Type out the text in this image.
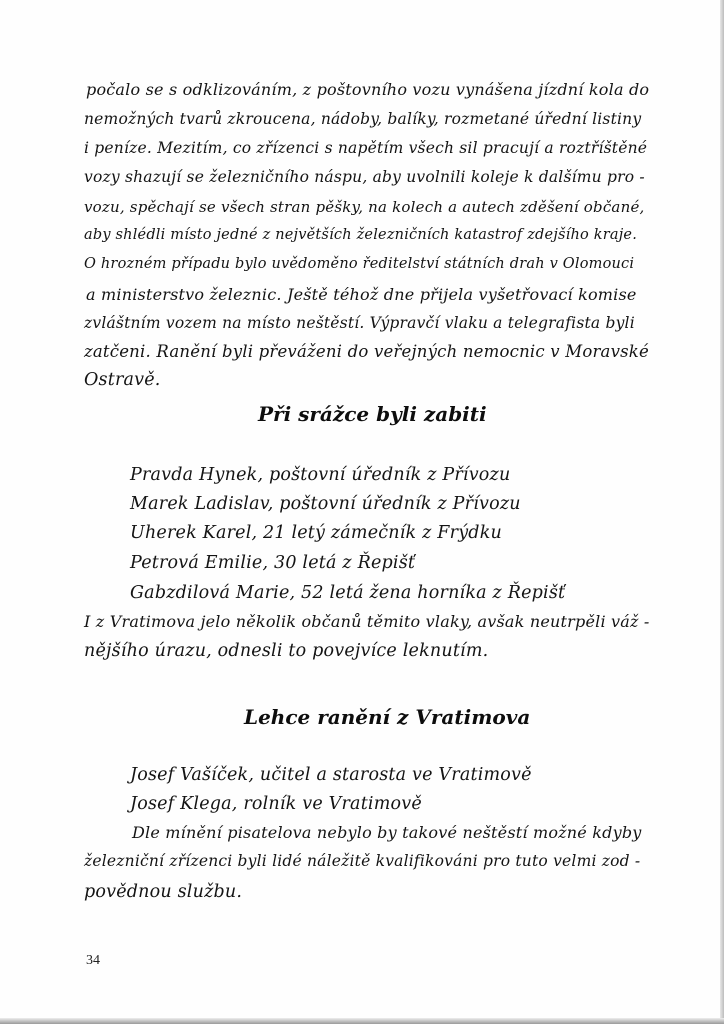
počalo se s odklizováním, z poštovního vozu vynášena jízdní kola do
nemožných tvarů zkroucena, nádoby, balíky, rozmetané úřední listiny
i peníze. Mezitím, co zřízenci s napětím všech sil pracují a roztříštěné
vozy shazují se železničního náspu, aby uvolnili koleje k dalšímu pro -
vozu, spěchají se všech stran pěšky, na kolech a autech zděšení občané,
aby shlédli místo jedné z největších železničních katastrof zdejšího kraje.
O hrozném případu bylo uvědoměno ředitelství státních drah v Olomouci
a ministerstvo železnic. Ještě téhož dne přijela vyšetřovací komise
zvláštním vozem na místo neštěstí. Výpravčí vlaku a telegrafista byli
zatčeni. Ranění byli převáženi do veřejných nemocnic v Moravské
Ostravě.
Při srážce byli zabiti
Pravda Hynek, poštovní úředník z Přívozu
Marek Ladislav, poštovní úředník z Přívozu
Uherek Karel, 21 letý zámečník z Frýdku
Petrová Emilie, 30 letá z Řepišť
Gabzdilová Marie, 52 letá žena horníka z Řepišť
I z Vratimova jelo několik občanů těmito vlaky, avšak neutrpěli váž -
nějšího úrazu, odnesli to povejvíce leknutím.
Lehce ranění z Vratimova
Josef Vašíček, učitel a starosta ve Vratimově
Josef Klega, rolník ve Vratimově
Dle mínění pisatelova nebylo by takové neštěstí možné kdyby
železniční zřízenci byli lidé náležitě kvalifikováni pro tuto velmi zod -
povědnou službu.
34
